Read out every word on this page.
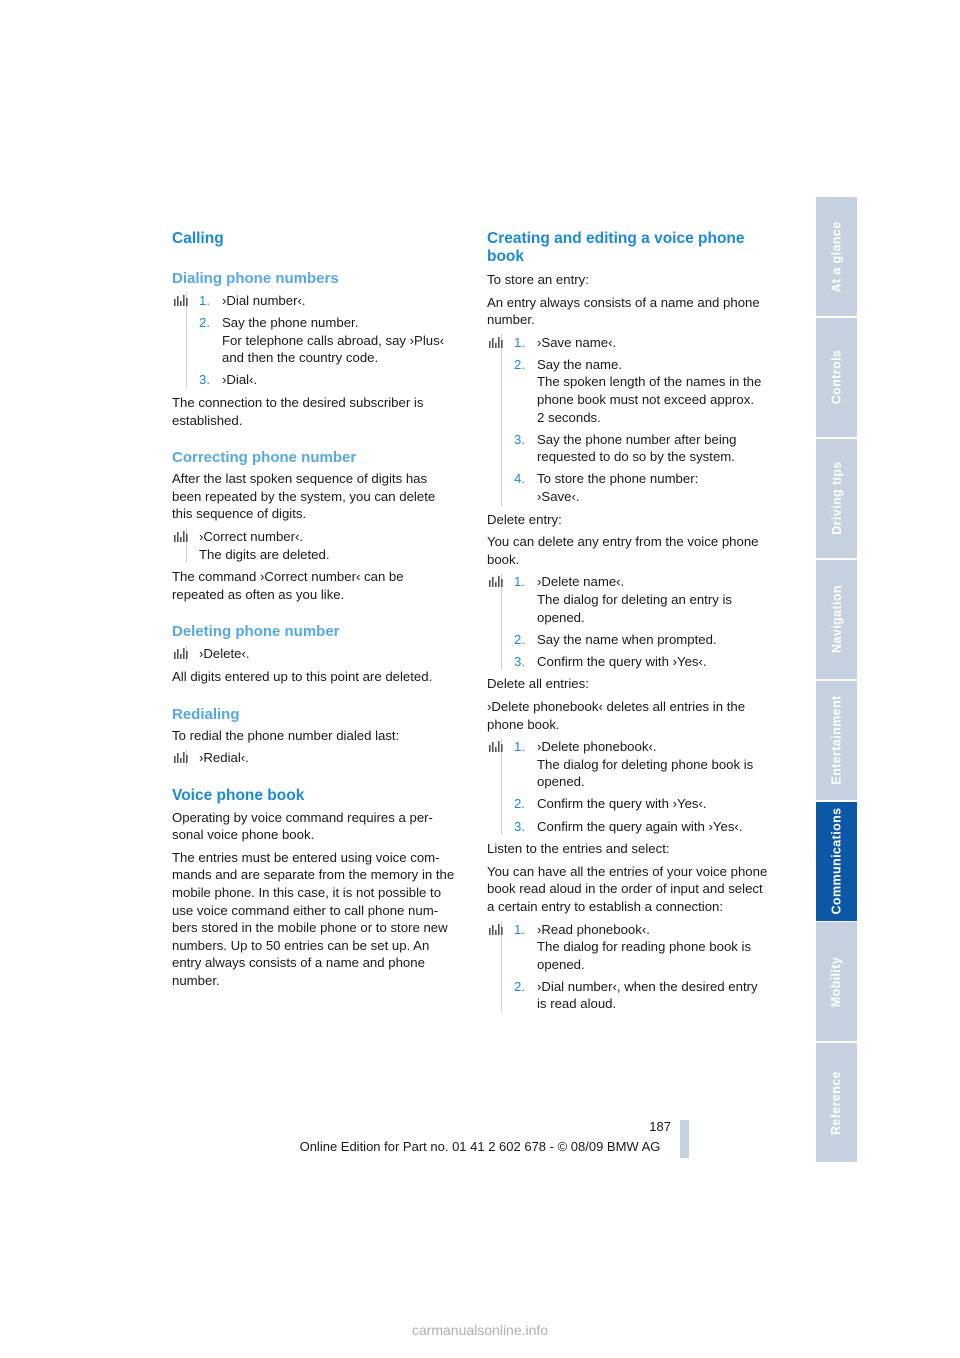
Calling
Dialing phone numbers
1. ›Dial number‹.
2. Say the phone number.
For telephone calls abroad, say ›Plus‹
and then the country code.
3. ›Dial‹.

The connection to the desired subscriber is
established.

Correcting phone number

After the last spoken sequence of digits has
been repeated by the system, you can delete
this sequence of digits.

›Correct number‹.
The digits are deleted.

The command ›Correct number‹ can be
repeated as often as you like.

Deleting phone number
›Delete‹.

All digits entered up to this point are deleted.

Redialing

To redial the phone number dialed last:

›Redial‹.
Voice phone book

Operating by voice command requires a per-
sonal voice phone book.

The entries must be entered using voice com-
mands and are separate from the memory in the
mobile phone. In this case, it is not possible to
use voice command either to call phone num-
bers stored in the mobile phone or to store new
numbers. Up to 50 entries can be set up. An
entry always consists of a name and phone
number.

Creating and editing a voice phone
book

To store an entry:

An entry always consists of a name and phone
number.

1. ›Save name‹.
2. Say the name.
The spoken length of the names in the
phone book must not exceed approx.
2 seconds.
3. Say the phone number after being
requested to do so by the system.
4. To store the phone number:
›Save‹.

Delete entry:

You can delete any entry from the voice phone
book.

1. ›Delete name‹.
The dialog for deleting an entry is
opened.
2. Say the name when prompted.
3. Confirm the query with ›Yes‹.

Delete all entries:

›Delete phonebook‹ deletes all entries in the
phone book.

1. ›Delete phonebook‹.
The dialog for deleting phone book is
opened.
2. Confirm the query with ›Yes‹.
3. Confirm the query again with ›Yes‹.

Listen to the entries and select:

You can have all the entries of your voice phone
book read aloud in the order of input and select
a certain entry to establish a connection:

1. ›Read phonebook‹.
The dialog for reading phone book is
opened.
2. ›Dial number‹, when the desired entry
is read aloud.
At a glance
Controls
Driving tips
Navigation
Entertainment
Communications
Mobility
Reference
187
Online Edition for Part no. 01 41 2 602 678 - © 08/09 BMW AG
carmanualsonline.info
